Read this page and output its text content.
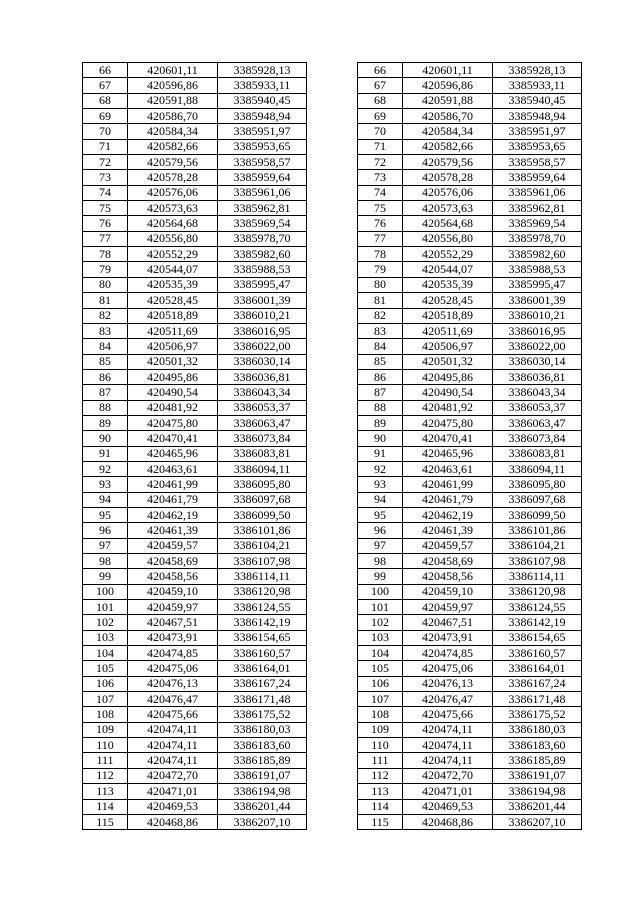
66	420601,11	3385928,13
67	420596,86	3385933,11
68	420591,88	3385940,45
69	420586,70	3385948,94
70	420584,34	3385951,97
71	420582,66	3385953,65
72	420579,56	3385958,57
73	420578,28	3385959,64
74	420576,06	3385961,06
75	420573,63	3385962,81
76	420564,68	3385969,54
77	420556,80	3385978,70
78	420552,29	3385982,60
79	420544,07	3385988,53
80	420535,39	3385995,47
81	420528,45	3386001,39
82	420518,89	3386010,21
83	420511,69	3386016,95
84	420506,97	3386022,00
85	420501,32	3386030,14
86	420495,86	3386036,81
87	420490,54	3386043,34
88	420481,92	3386053,37
89	420475,80	3386063,47
90	420470,41	3386073,84
91	420465,96	3386083,81
92	420463,61	3386094,11
93	420461,99	3386095,80
94	420461,79	3386097,68
95	420462,19	3386099,50
96	420461,39	3386101,86
97	420459,57	3386104,21
98	420458,69	3386107,98
99	420458,56	3386114,11
100	420459,10	3386120,98
101	420459,97	3386124,55
102	420467,51	3386142,19
103	420473,91	3386154,65
104	420474,85	3386160,57
105	420475,06	3386164,01
106	420476,13	3386167,24
107	420476,47	3386171,48
108	420475,66	3386175,52
109	420474,11	3386180,03
110	420474,11	3386183,60
111	420474,11	3386185,89
112	420472,70	3386191,07
113	420471,01	3386194,98
114	420469,53	3386201,44
115	420468,86	3386207,10
66	420601,11	3385928,13
67	420596,86	3385933,11
68	420591,88	3385940,45
69	420586,70	3385948,94
70	420584,34	3385951,97
71	420582,66	3385953,65
72	420579,56	3385958,57
73	420578,28	3385959,64
74	420576,06	3385961,06
75	420573,63	3385962,81
76	420564,68	3385969,54
77	420556,80	3385978,70
78	420552,29	3385982,60
79	420544,07	3385988,53
80	420535,39	3385995,47
81	420528,45	3386001,39
82	420518,89	3386010,21
83	420511,69	3386016,95
84	420506,97	3386022,00
85	420501,32	3386030,14
86	420495,86	3386036,81
87	420490,54	3386043,34
88	420481,92	3386053,37
89	420475,80	3386063,47
90	420470,41	3386073,84
91	420465,96	3386083,81
92	420463,61	3386094,11
93	420461,99	3386095,80
94	420461,79	3386097,68
95	420462,19	3386099,50
96	420461,39	3386101,86
97	420459,57	3386104,21
98	420458,69	3386107,98
99	420458,56	3386114,11
100	420459,10	3386120,98
101	420459,97	3386124,55
102	420467,51	3386142,19
103	420473,91	3386154,65
104	420474,85	3386160,57
105	420475,06	3386164,01
106	420476,13	3386167,24
107	420476,47	3386171,48
108	420475,66	3386175,52
109	420474,11	3386180,03
110	420474,11	3386183,60
111	420474,11	3386185,89
112	420472,70	3386191,07
113	420471,01	3386194,98
114	420469,53	3386201,44
115	420468,86	3386207,10
